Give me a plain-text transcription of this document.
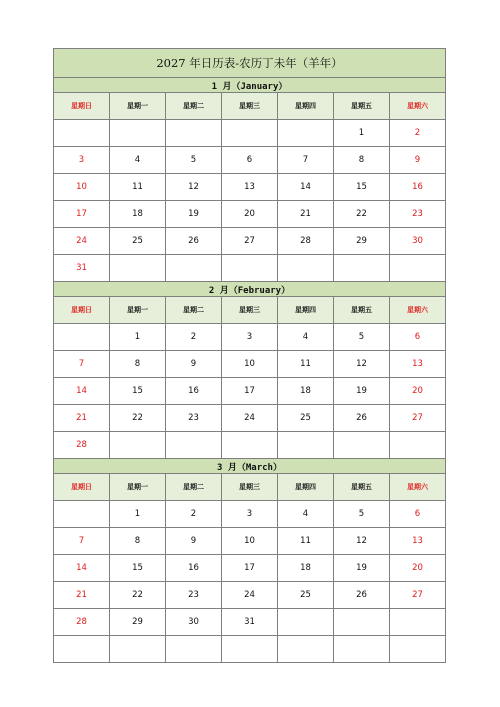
2027 年日历表-农历丁未年（羊年）						
1 月（January）						
星期日	星期一	星期二	星期三	星期四	星期五	星期六
					1	2
3	4	5	6	7	8	9
10	11	12	13	14	15	16
17	18	19	20	21	22	23
24	25	26	27	28	29	30
31						
2 月（February）						
星期日	星期一	星期二	星期三	星期四	星期五	星期六
	1	2	3	4	5	6
7	8	9	10	11	12	13
14	15	16	17	18	19	20
21	22	23	24	25	26	27
28						
3 月（March）						
星期日	星期一	星期二	星期三	星期四	星期五	星期六
	1	2	3	4	5	6
7	8	9	10	11	12	13
14	15	16	17	18	19	20
21	22	23	24	25	26	27
28	29	30	31			
